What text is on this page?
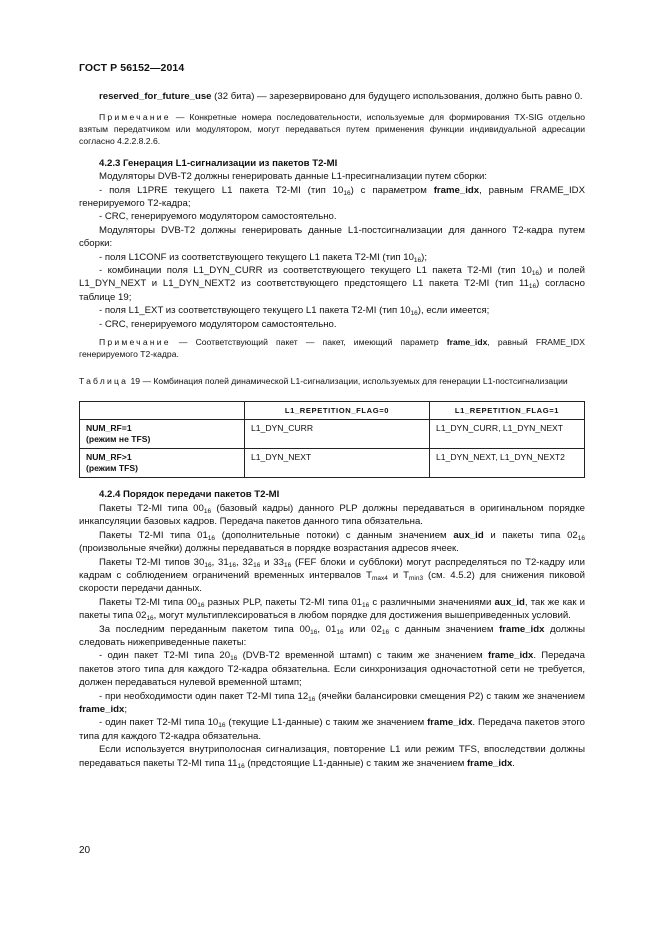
ГОСТ Р 56152—2014

reserved_for_future_use (32 бита) — зарезервировано для будущего использования, должно быть равно 0.

Примечание — Конкретные номера последовательности, используемые для формирования TX-SIG отдельно взятым передатчиком или модулятором, могут передаваться путем применения функции индивидуальной адресации согласно 4.2.2.8.2.6.

4.2.3 Генерация L1-сигнализации из пакетов T2-MI

Модуляторы DVB-T2 должны генерировать данные L1-пресигнализации путем сборки:

- поля L1PRE текущего L1 пакета T2-MI (тип $10_{16}$) с параметром frame_idx, равным FRAME_IDX генерируемого T2-кадра;

- CRC, генерируемого модулятором самостоятельно.

Модуляторы DVB-T2 должны генерировать данные L1-постсигнализации для данного T2-кадра путем сборки:

- поля L1CONF из соответствующего текущего L1 пакета T2-MI (тип $10_{16}$);

- комбинации поля L1_DYN_CURR из соответствующего текущего L1 пакета T2-MI (тип $10_{16}$) и полей L1_DYN_NEXT и L1_DYN_NEXT2 из соответствующего предстоящего L1 пакета T2-MI (тип $11_{16}$) согласно таблице 19;

- поля L1_EXT из соответствующего текущего L1 пакета T2-MI (тип $10_{16}$), если имеется;

- CRC, генерируемого модулятором самостоятельно.

Примечание — Соответствующий пакет — пакет, имеющий параметр frame_idx, равный FRAME_IDX генерируемого T2-кадра.

Таблица 19 — Комбинация полей динамической L1-сигнализации, используемых для генерации L1-постсигнализации

	L1_REPETITION_FLAG=0	L1_REPETITION_FLAG=1

NUM_RF=1
(режим не TFS)	L1_DYN_CURR	L1_DYN_CURR, L1_DYN_NEXT

NUM_RF>1
(режим TFS)	L1_DYN_NEXT	L1_DYN_NEXT, L1_DYN_NEXT2

4.2.4 Порядок передачи пакетов T2-MI

Пакеты T2-MI типа $00_{16}$ (базовый кадры) данного PLP должны передаваться в оригинальном порядке инкапсуляции базовых кадров. Передача пакетов данного типа обязательна.

Пакеты T2-MI типа $01_{16}$ (дополнительные потоки) с данным значением aux_id и пакеты типа $02_{16}$ (произвольные ячейки) должны передаваться в порядке возрастания адресов ячеек.

Пакеты T2-MI типов $30_{16}$, $31_{16}$, $32_{16}$ и $33_{16}$ (FEF блоки и субблоки) могут распределяться по T2-кадру или кадрам с соблюдением ограничений временных интервалов $T_{max4}$ и $T_{min3}$ (см. 4.5.2) для снижения пиковой скорости передачи данных.

Пакеты T2-MI типа $00_{16}$ разных PLP, пакеты T2-MI типа $01_{16}$ с различными значениями aux_id, так же как и пакеты типа $02_{16}$, могут мультиплексироваться в любом порядке для достижения вышеприведенных условий.

За последним переданным пакетом типа $00_{16}$, $01_{16}$ или $02_{16}$ с данным значением frame_idx должны следовать нижеприведенные пакеты:

- один пакет T2-MI типа $20_{16}$ (DVB-T2 временной штамп) с таким же значением frame_idx. Передача пакетов этого типа для каждого T2-кадра обязательна. Если синхронизация одночастотной сети не требуется, должен передаваться нулевой временной штамп;

- при необходимости один пакет T2-MI типа $12_{16}$ (ячейки балансировки смещения P2) с таким же значением frame_idx;

- один пакет T2-MI типа $10_{16}$ (текущие L1-данные) с таким же значением frame_idx. Передача пакетов этого типа для каждого T2-кадра обязательна.

Если используется внутриполосная сигнализация, повторение L1 или режим TFS, впоследствии должны передаваться пакеты T2-MI типа $11_{16}$ (предстоящие L1-данные) с таким же значением frame_idx.

20
